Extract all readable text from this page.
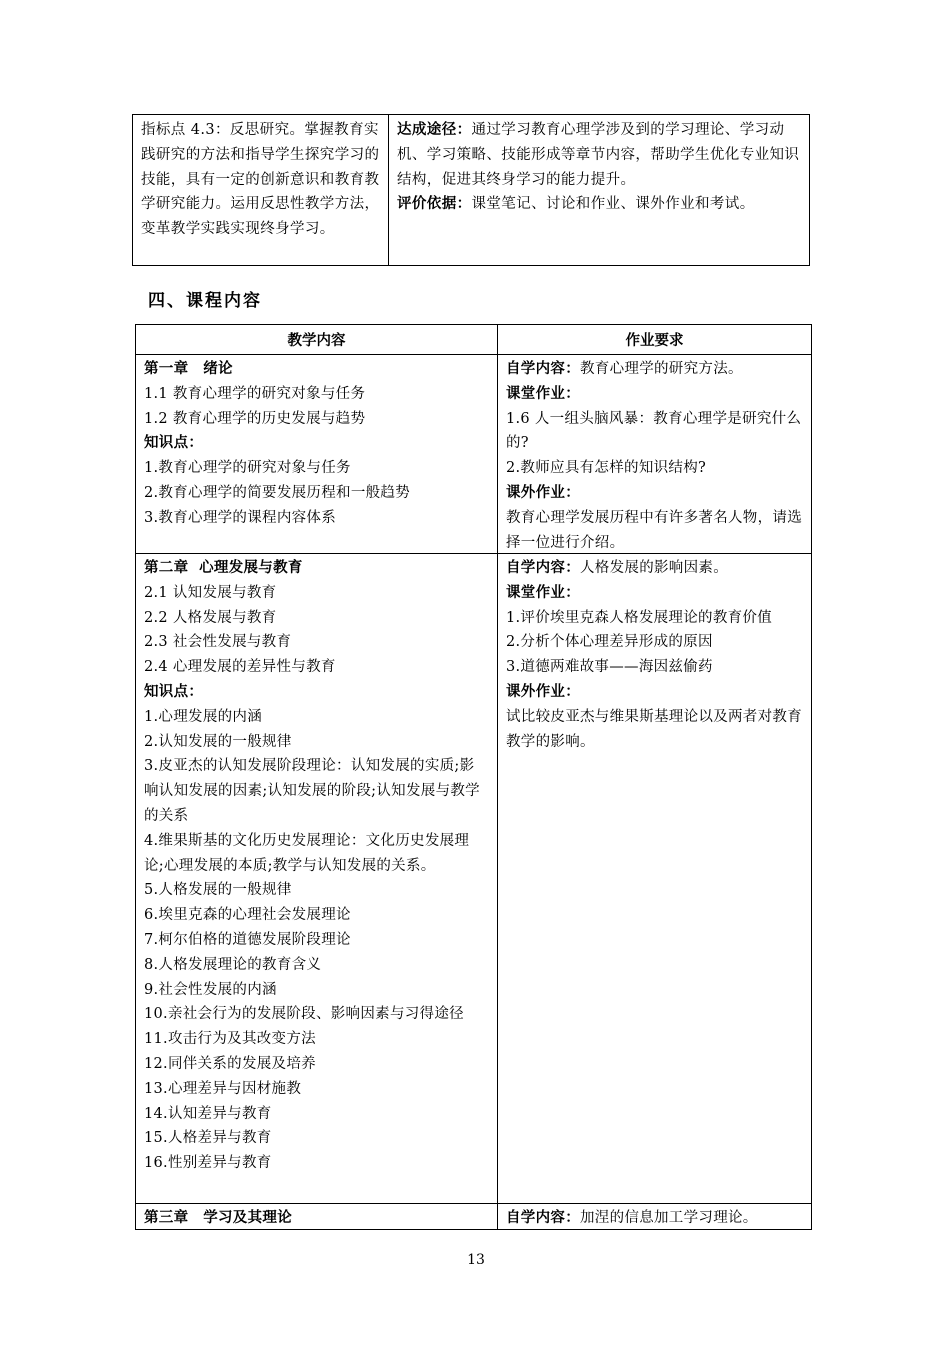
指标点 4.3：反思研究。掌握教育实践研究的方法和指导学生探究学习的技能，具有一定的创新意识和教育教学研究能力。运用反思性教学方法，变革教学实践实现终身学习。
达成途径：通过学习教育心理学涉及到的学习理论、学习动机、学习策略、技能形成等章节内容，帮助学生优化专业知识结构，促进其终身学习的能力提升。
评价依据：课堂笔记、讨论和作业、课外作业和考试。
四、课程内容
教学内容	作业要求
第一章　绪论
1.1 教育心理学的研究对象与任务
1.2 教育心理学的历史发展与趋势
知识点：
1.教育心理学的研究对象与任务
2.教育心理学的简要发展历程和一般趋势
3.教育心理学的课程内容体系
自学内容：教育心理学的研究方法。
课堂作业：
1.6 人一组头脑风暴：教育心理学是研究什么的?
2.教师应具有怎样的知识结构?
课外作业：
教育心理学发展历程中有许多著名人物，请选择一位进行介绍。
第二章  心理发展与教育
2.1 认知发展与教育
2.2 人格发展与教育
2.3 社会性发展与教育
2.4 心理发展的差异性与教育
知识点：
1.心理发展的内涵
2.认知发展的一般规律
3.皮亚杰的认知发展阶段理论：认知发展的实质;影响认知发展的因素;认知发展的阶段;认知发展与教学的关系
4.维果斯基的文化历史发展理论：文化历史发展理论;心理发展的本质;教学与认知发展的关系。
5.人格发展的一般规律
6.埃里克森的心理社会发展理论
7.柯尔伯格的道德发展阶段理论
8.人格发展理论的教育含义
9.社会性发展的内涵
10.亲社会行为的发展阶段、影响因素与习得途径
11.攻击行为及其改变方法
12.同伴关系的发展及培养
13.心理差异与因材施教
14.认知差异与教育
15.人格差异与教育
16.性别差异与教育
自学内容：人格发展的影响因素。
课堂作业：
1.评价埃里克森人格发展理论的教育价值
2.分析个体心理差异形成的原因
3.道德两难故事——海因兹偷药
课外作业：
试比较皮亚杰与维果斯基理论以及两者对教育教学的影响。
第三章　学习及其理论	自学内容：加涅的信息加工学习理论。
13
